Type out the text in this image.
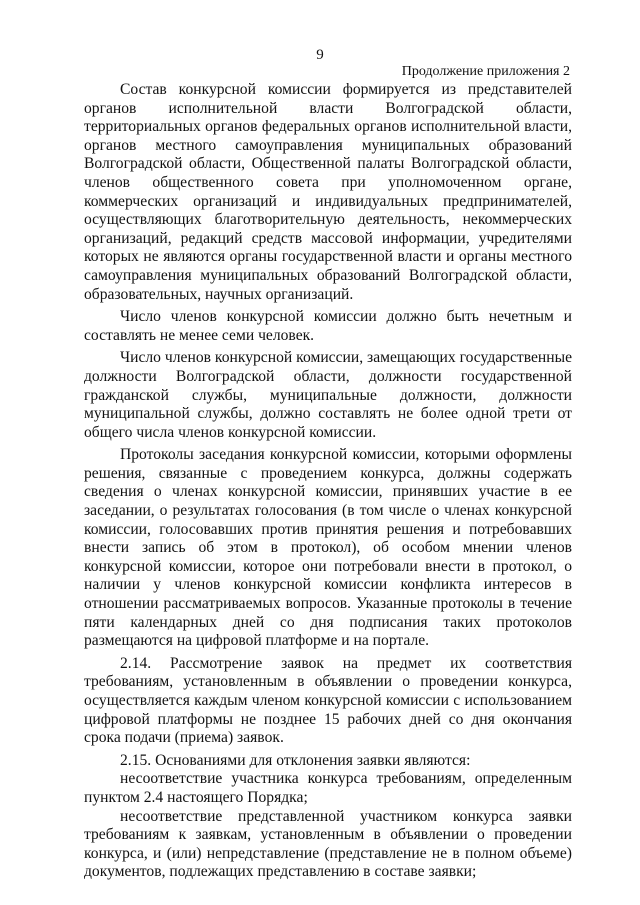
9
Продолжение приложения 2

Состав конкурсной комиссии формируется из представителей органов исполнительной власти Волгоградской области, территориальных органов федеральных органов исполнительной власти, органов местного самоуправления муниципальных образований Волгоградской области, Общественной палаты Волгоградской области, членов общественного совета при уполномоченном органе, коммерческих организаций и индивидуальных предпринимателей, осуществляющих благотворительную деятельность, некоммерческих организаций, редакций средств массовой информации, учредителями которых не являются органы государственной власти и органы местного самоуправления муниципальных образований Волгоградской области, образовательных, научных организаций.

Число членов конкурсной комиссии должно быть нечетным и составлять не менее семи человек.

Число членов конкурсной комиссии, замещающих государственные должности Волгоградской области, должности государственной гражданской службы, муниципальные должности, должности муниципальной службы, должно составлять не более одной трети от общего числа членов конкурсной комиссии.

Протоколы заседания конкурсной комиссии, которыми оформлены решения, связанные с проведением конкурса, должны содержать сведения о членах конкурсной комиссии, принявших участие в ее заседании, о результатах голосования (в том числе о членах конкурсной комиссии, голосовавших против принятия решения и потребовавших внести запись об этом в протокол), об особом мнении членов конкурсной комиссии, которое они потребовали внести в протокол, о наличии у членов конкурсной комиссии конфликта интересов в отношении рассматриваемых вопросов. Указанные протоколы в течение пяти календарных дней со дня подписания таких протоколов размещаются на цифровой платформе и на портале.

2.14. Рассмотрение заявок на предмет их соответствия требованиям, установленным в объявлении о проведении конкурса, осуществляется каждым членом конкурсной комиссии с использованием цифровой платформы не позднее 15 рабочих дней со дня окончания срока подачи (приема) заявок.

2.15. Основаниями для отклонения заявки являются:

несоответствие участника конкурса требованиям, определенным пунктом 2.4 настоящего Порядка;

несоответствие представленной участником конкурса заявки требованиям к заявкам, установленным в объявлении о проведении конкурса, и (или) непредставление (представление не в полном объеме) документов, подлежащих представлению в составе заявки;
